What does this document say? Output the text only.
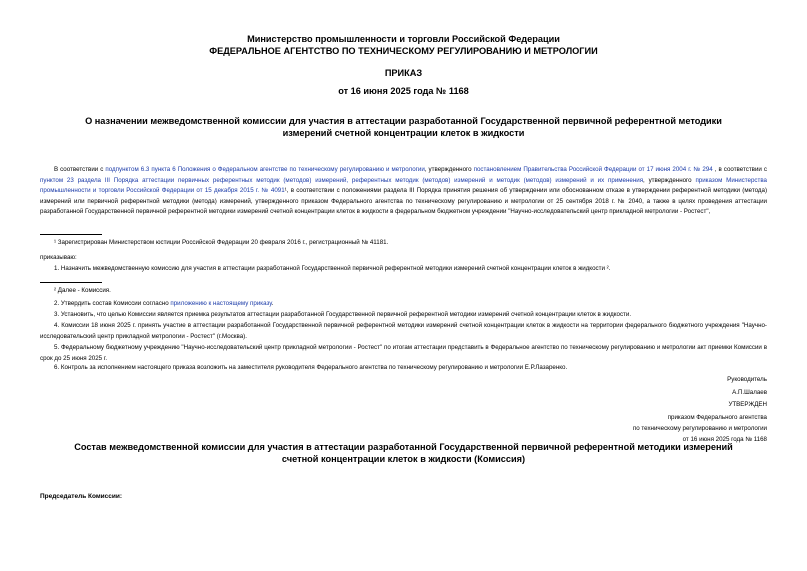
Министерство промышленности и торговли Российской Федерации
ФЕДЕРАЛЬНОЕ АГЕНТСТВО ПО ТЕХНИЧЕСКОМУ РЕГУЛИРОВАНИЮ И МЕТРОЛОГИИ
ПРИКАЗ
от 16 июня 2025 года № 1168
О назначении межведомственной комиссии для участия в аттестации разработанной Государственной первичной референтной методики измерений счетной концентрации клеток в жидкости

В соответствии с подпунктом 6.3 пункта 6 Положения о Федеральном агентстве по техническому регулированию и метрологии, утвержденного постановлением Правительства Российской Федерации от 17 июня 2004 г. № 294 , в соответствии с пунктом 23 раздела III Порядка аттестации первичных референтных методик (методов) измерений, референтных методик (методов) измерений и методик (методов) измерений и их применения, утвержденного приказом Министерства промышленности и торговли Российской Федерации от 15 декабря 2015 г. № 4091¹, в соответствии с положениями раздела III Порядка принятия решения об утверждении или обоснованном отказе в утверждении референтной методики (метода) измерений или первичной референтной методики (метода) измерений, утвержденного приказом Федерального агентства по техническому регулированию и метрологии от 25 сентября 2018 г. № 2040, а также в целях проведения аттестации разработанной Государственной первичной референтной методики измерений счетной концентрации клеток в жидкости в федеральном бюджетном учреждении "Научно-исследовательский центр прикладной метрологии - Ростест",

¹ Зарегистрирован Министерством юстиции Российской Федерации 20 февраля 2016 г., регистрационный № 41181.
приказываю:
1. Назначить межведомственную комиссию для участия в аттестации разработанной Государственной первичной референтной методики измерений счетной концентрации клеток в жидкости ².
² Далее - Комиссия.
2. Утвердить состав Комиссии согласно приложению к настоящему приказу.
3. Установить, что целью Комиссии является приемка результатов аттестации разработанной Государственной первичной референтной методики измерений счетной концентрации клеток в жидкости.

4. Комиссии 18 июня 2025 г. принять участие в аттестации разработанной Государственной первичной референтной методики измерений счетной концентрации клеток в жидкости на территории федерального бюджетного учреждения "Научно-исследовательский центр прикладной метрологии - Ростест" (г.Москва).

5. Федеральному бюджетному учреждению "Научно-исследовательский центр прикладной метрологии - Ростест" по итогам аттестации представить в Федеральное агентство по техническому регулированию и метрологии акт приемки Комиссии в срок до 25 июня 2025 г.

6. Контроль за исполнением настоящего приказа возложить на заместителя руководителя Федерального агентства по техническому регулированию и метрологии Е.Р.Лазаренко.
Руководитель
А.П.Шалаев
УТВЕРЖДЕН
приказом Федерального агентства
по техническому регулированию и метрологии
от 16 июня 2025 года № 1168
Состав межведомственной комиссии для участия в аттестации разработанной Государственной первичной референтной методики измерений счетной концентрации клеток в жидкости (Комиссия)
Председатель Комиссии:
